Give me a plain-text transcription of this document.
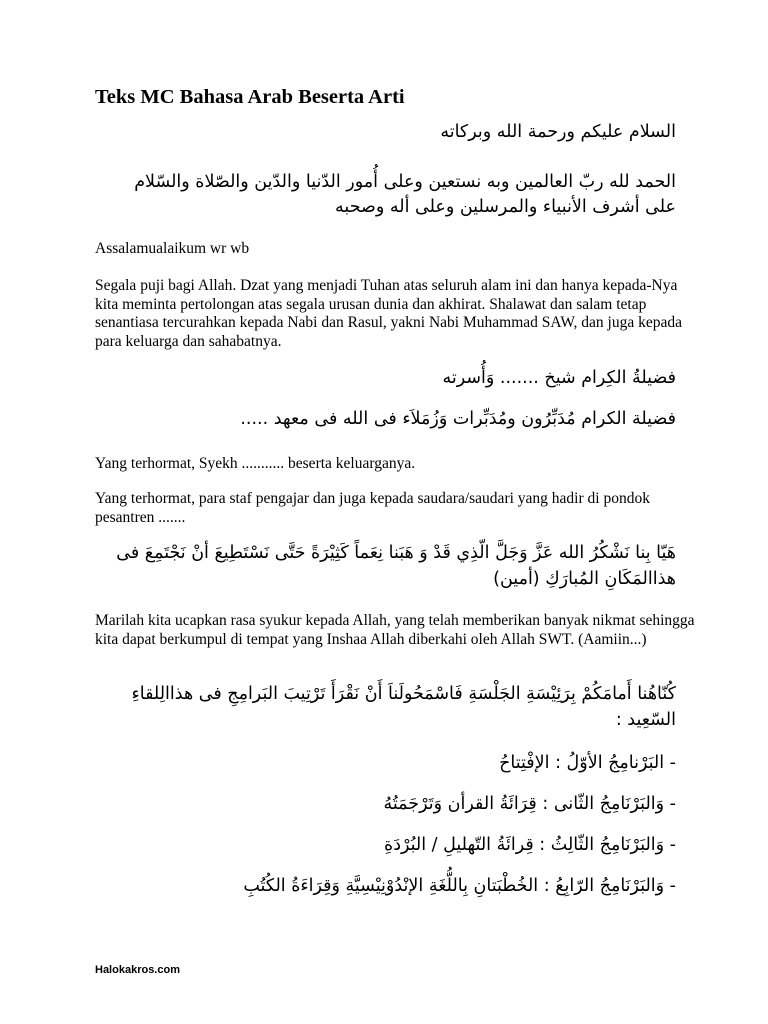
Teks MC Bahasa Arab Beserta Arti
السلام عليكم ورحمة الله وبركاته
الحمد لله ربّ العالمين وبه نستعين وعلى أُمور الدّنيا والدّين والصّلاة والسّلام
على أشرف الأنبياء والمرسلين وعلى أله وصحبه
Assalamualaikum wr wb
Segala puji bagi Allah. Dzat yang menjadi Tuhan atas seluruh alam ini dan hanya kepada-Nya kita meminta pertolongan atas segala urusan dunia dan akhirat. Shalawat dan salam tetap senantiasa tercurahkan kepada Nabi dan Rasul, yakni Nabi Muhammad SAW, dan juga kepada para keluarga dan sahabatnya.
فضيلةُ الكِرام شيخ ....... وَأُسرته
فضيلة الكرام مُدَبِّرُون ومُدَبِّرات وَزُمَلاَء فى الله فى معهد .....
Yang terhormat, Syekh ........... beserta keluarganya.
Yang terhormat, para staf pengajar dan juga kepada saudara/saudari yang hadir di pondok pesantren .......
هَيّا بِنا نَشْكُرُ الله عَزَّ وَجَلَّ الّذِي قَدْ وَ هَبَنا نِعَماً كَثِيْرَةً حَتَّى نَسْتَطِيعَ أنْ نَجْتَمِعَ فى
هذاالمَكَانِ المُبارَكِ (أمين)
Marilah kita ucapkan rasa syukur kepada Allah, yang telah memberikan banyak nikmat sehingga kita dapat berkumpul di tempat yang Inshaa Allah diberkahi oleh Allah SWT. (Aamiin...)
كُنّاهُنا أَمامَكُمْ بِرَئِيْسَةِ الجَلْسَةِ فَاسْمَحُولَناَ أَنْ نَقْرَأَ تَرْتِيبَ البَرامِجِ فى هذاالِلقاءِ
السّعِيد :
- البَرْنامِجُ الأوّلُ : الإفْتِتاحُ
- وَالبَرْنَامِجُ الثّانى : قِرَائَةُ القرأن وَتَرْجَمَتُهُ
- وَالبَرْنَامِجُ الثّالِثُ : قِرائَةُ التّهليلِ / البُرْدَةِ
- وَالبَرْنَامِجُ الرّابِعُ : الخُطْبَتانِ بِاللُّغَةِ الإنْدُوْنِيْسِيَّةِ وَقِرَاءَةُ الكُتُبِ
Halokakros.com
